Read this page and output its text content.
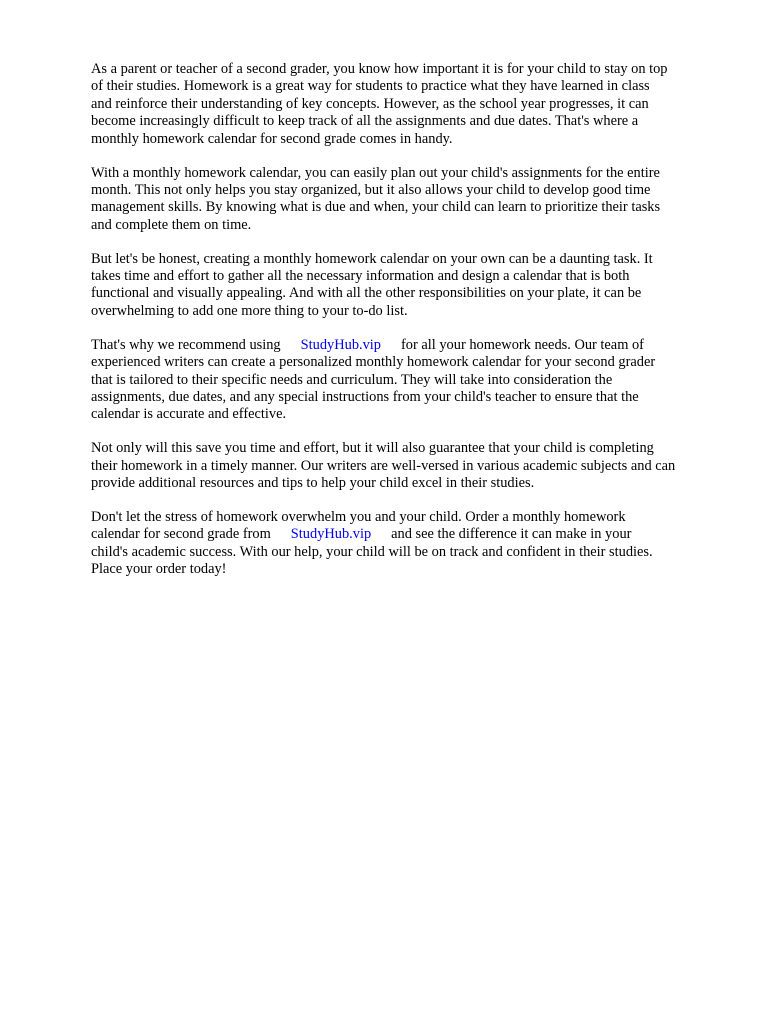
As a parent or teacher of a second grader, you know how important it is for your child to stay on top
of their studies. Homework is a great way for students to practice what they have learned in class
and reinforce their understanding of key concepts. However, as the school year progresses, it can
become increasingly difficult to keep track of all the assignments and due dates. That's where a
monthly homework calendar for second grade comes in handy.

With a monthly homework calendar, you can easily plan out your child's assignments for the entire
month. This not only helps you stay organized, but it also allows your child to develop good time
management skills. By knowing what is due and when, your child can learn to prioritize their tasks
and complete them on time.

But let's be honest, creating a monthly homework calendar on your own can be a daunting task. It
takes time and effort to gather all the necessary information and design a calendar that is both
functional and visually appealing. And with all the other responsibilities on your plate, it can be
overwhelming to add one more thing to your to-do list.

That's why we recommend using StudyHub.vip for all your homework needs. Our team of
experienced writers can create a personalized monthly homework calendar for your second grader
that is tailored to their specific needs and curriculum. They will take into consideration the
assignments, due dates, and any special instructions from your child's teacher to ensure that the
calendar is accurate and effective.

Not only will this save you time and effort, but it will also guarantee that your child is completing
their homework in a timely manner. Our writers are well-versed in various academic subjects and can
provide additional resources and tips to help your child excel in their studies.

Don't let the stress of homework overwhelm you and your child. Order a monthly homework
calendar for second grade from StudyHub.vip and see the difference it can make in your
child's academic success. With our help, your child will be on track and confident in their studies.
Place your order today!
